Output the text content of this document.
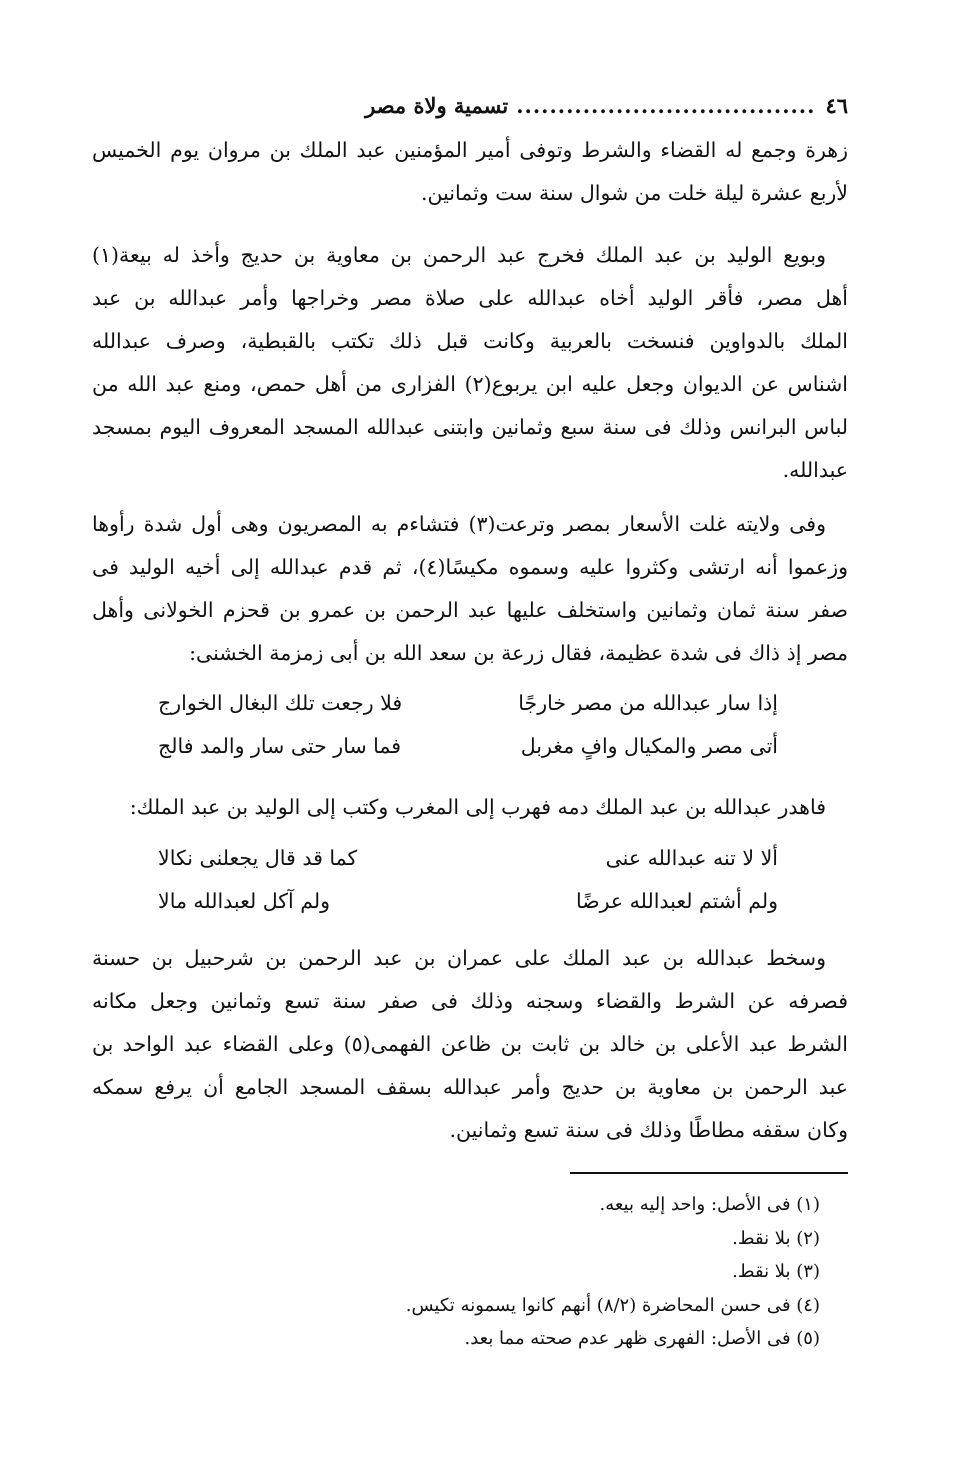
٤٦
....................................
تسمية ولاة مصر
زهرة وجمع له القضاء والشرط وتوفى أمير المؤمنين عبد الملك بن مروان يوم الخميس
لأربع عشرة ليلة خلت من شوال سنة ست وثمانين.
وبويع الوليد بن عبد الملك فخرج عبد الرحمن بن معاوية بن حديج وأخذ له بيعة(١)
أهل مصر، فأقر الوليد أخاه عبدالله على صلاة مصر وخراجها وأمر عبدالله بن عبد
الملك بالدواوين فنسخت بالعربية وكانت قبل ذلك تكتب بالقبطية، وصرف عبدالله
اشناس عن الديوان وجعل عليه ابن يربوع(٢) الفزارى من أهل حمص، ومنع عبد الله من
لباس البرانس وذلك فى سنة سبع وثمانين وابتنى عبدالله المسجد المعروف اليوم بمسجد
عبدالله.
وفى ولايته غلت الأسعار بمصر وترعت(٣) فتشاءم به المصريون وهى أول شدة رأوها
وزعموا أنه ارتشى وكثروا عليه وسموه مكيسًا(٤)، ثم قدم عبدالله إلى أخيه الوليد فى
صفر سنة ثمان وثمانين واستخلف عليها عبد الرحمن بن عمرو بن قحزم الخولانى وأهل
مصر إذ ذاك فى شدة عظيمة، فقال زرعة بن سعد الله بن أبى زمزمة الخشنى:
إذا سار عبدالله من مصر خارجًا
فلا رجعت تلك البغال الخوارج
أتى مصر والمكيال وافٍ مغربل
فما سار حتى سار والمد فالج
فاهدر عبدالله بن عبد الملك دمه فهرب إلى المغرب وكتب إلى الوليد بن عبد الملك:
ألا لا تنه عبدالله عنى
كما قد قال يجعلنى نكالا
ولم أشتم لعبدالله عرضًا
ولم آكل لعبدالله مالا
وسخط عبدالله بن عبد الملك على عمران بن عبد الرحمن بن شرحبيل بن حسنة
فصرفه عن الشرط والقضاء وسجنه وذلك فى صفر سنة تسع وثمانين وجعل مكانه
الشرط عبد الأعلى بن خالد بن ثابت بن ظاعن الفهمى(٥) وعلى القضاء عبد الواحد بن
عبد الرحمن بن معاوية بن حديج وأمر عبدالله بسقف المسجد الجامع أن يرفع سمكه
وكان سقفه مطاطًا وذلك فى سنة تسع وثمانين.
(١) فى الأصل: واحد إليه بيعه.
(٢) بلا نقط.
(٣) بلا نقط.
(٤) فى حسن المحاضرة (٨/٢) أنهم كانوا يسمونه تكيس.
(٥) فى الأصل: الفهرى ظهر عدم صحته مما بعد.
